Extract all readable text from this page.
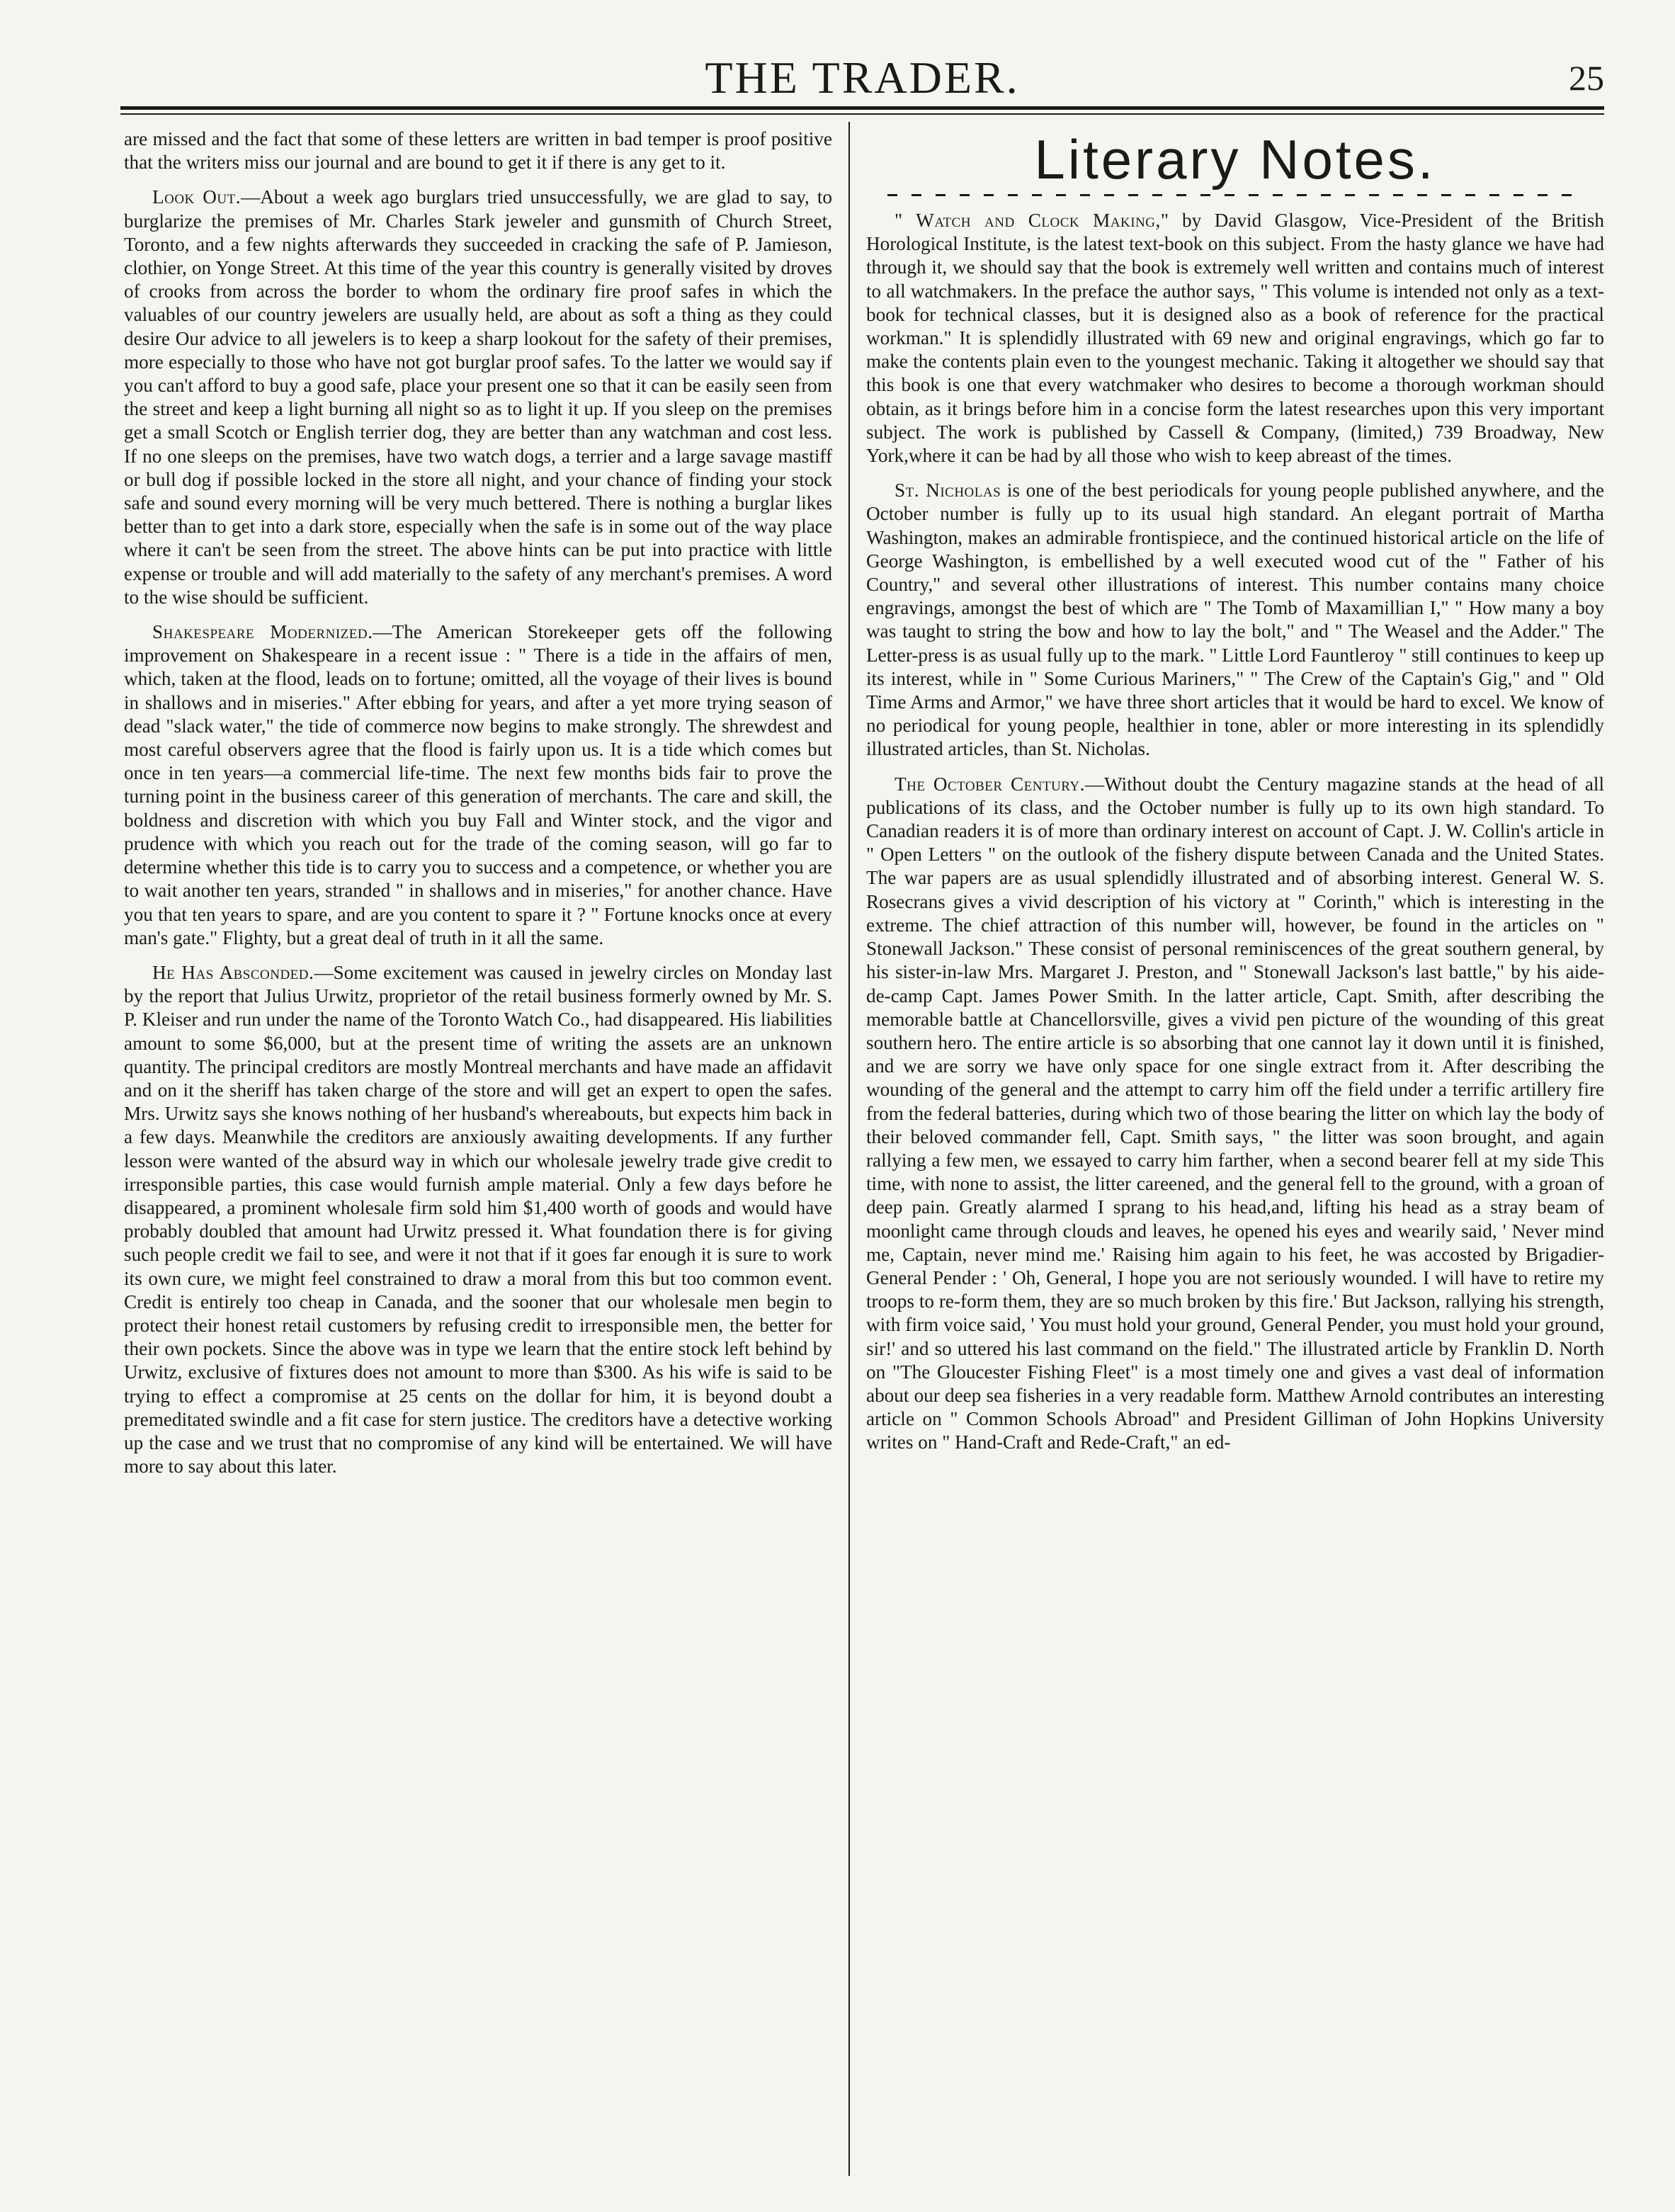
THE TRADER.	25

are missed and the fact that some of these letters are written in bad temper is proof positive that the writers miss our journal and are bound to get it if there is any get to it.

Look Out.—About a week ago burglars tried unsuccessfully, we are glad to say, to burglarize the premises of Mr. Charles Stark jeweler and gunsmith of Church Street, Toronto, and a few nights afterwards they succeeded in cracking the safe of P. Jamieson, clothier, on Yonge Street. At this time of the year this country is generally visited by droves of crooks from across the border to whom the ordinary fire proof safes in which the valuables of our country jewelers are usually held, are about as soft a thing as they could desire Our advice to all jewelers is to keep a sharp lookout for the safety of their premises, more especially to those who have not got burglar proof safes. To the latter we would say if you can't afford to buy a good safe, place your present one so that it can be easily seen from the street and keep a light burning all night so as to light it up. If you sleep on the premises get a small Scotch or English terrier dog, they are better than any watchman and cost less. If no one sleeps on the premises, have two watch dogs, a terrier and a large savage mastiff or bull dog if possible locked in the store all night, and your chance of finding your stock safe and sound every morning will be very much bettered. There is nothing a burglar likes better than to get into a dark store, especially when the safe is in some out of the way place where it can't be seen from the street. The above hints can be put into practice with little expense or trouble and will add materially to the safety of any merchant's premises. A word to the wise should be sufficient.

Shakespeare Modernized.—The American Storekeeper gets off the following improvement on Shakespeare in a recent issue : " There is a tide in the affairs of men, which, taken at the flood, leads on to fortune; omitted, all the voyage of their lives is bound in shallows and in miseries." After ebbing for years, and after a yet more trying season of dead "slack water," the tide of commerce now begins to make strongly. The shrewdest and most careful observers agree that the flood is fairly upon us. It is a tide which comes but once in ten years—a commercial life-time. The next few months bids fair to prove the turning point in the business career of this generation of merchants. The care and skill, the boldness and discretion with which you buy Fall and Winter stock, and the vigor and prudence with which you reach out for the trade of the coming season, will go far to determine whether this tide is to carry you to success and a competence, or whether you are to wait another ten years, stranded " in shallows and in miseries," for another chance. Have you that ten years to spare, and are you content to spare it ? " Fortune knocks once at every man's gate." Flighty, but a great deal of truth in it all the same.

He Has Absconded.—Some excitement was caused in jewelry circles on Monday last by the report that Julius Urwitz, proprietor of the retail business formerly owned by Mr. S. P. Kleiser and run under the name of the Toronto Watch Co., had disappeared. His liabilities amount to some $6,000, but at the present time of writing the assets are an unknown quantity. The principal creditors are mostly Montreal merchants and have made an affidavit and on it the sheriff has taken charge of the store and will get an expert to open the safes. Mrs. Urwitz says she knows nothing of her husband's whereabouts, but expects him back in a few days. Meanwhile the creditors are anxiously awaiting developments. If any further lesson were wanted of the absurd way in which our wholesale jewelry trade give credit to irresponsible parties, this case would furnish ample material. Only a few days before he disappeared, a prominent wholesale firm sold him $1,400 worth of goods and would have probably doubled that amount had Urwitz pressed it. What foundation there is for giving such people credit we fail to see, and were it not that if it goes far enough it is sure to work its own cure, we might feel constrained to draw a moral from this but too common event. Credit is entirely too cheap in Canada, and the sooner that our wholesale men begin to protect their honest retail customers by refusing credit to irresponsible men, the better for their own pockets. Since the above was in type we learn that the entire stock left behind by Urwitz, exclusive of fixtures does not amount to more than $300. As his wife is said to be trying to effect a compromise at 25 cents on the dollar for him, it is beyond doubt a premeditated swindle and a fit case for stern justice. The creditors have a detective working up the case and we trust that no compromise of any kind will be entertained. We will have more to say about this later.

Literary Notes.

" Watch and Clock Making," by David Glasgow, Vice-President of the British Horological Institute, is the latest text-book on this subject. From the hasty glance we have had through it, we should say that the book is extremely well written and contains much of interest to all watchmakers. In the preface the author says, " This volume is intended not only as a text-book for technical classes, but it is designed also as a book of reference for the practical workman." It is splendidly illustrated with 69 new and original engravings, which go far to make the contents plain even to the youngest mechanic. Taking it altogether we should say that this book is one that every watchmaker who desires to become a thorough workman should obtain, as it brings before him in a concise form the latest researches upon this very important subject. The work is published by Cassell & Company, (limited,) 739 Broadway, New York,where it can be had by all those who wish to keep abreast of the times.

St. Nicholas is one of the best periodicals for young people published anywhere, and the October number is fully up to its usual high standard. An elegant portrait of Martha Washington, makes an admirable frontispiece, and the continued historical article on the life of George Washington, is embellished by a well executed wood cut of the " Father of his Country," and several other illustrations of interest. This number contains many choice engravings, amongst the best of which are " The Tomb of Maxamillian I," " How many a boy was taught to string the bow and how to lay the bolt," and " The Weasel and the Adder." The Letter-press is as usual fully up to the mark. " Little Lord Fauntleroy " still continues to keep up its interest, while in " Some Curious Mariners," " The Crew of the Captain's Gig," and " Old Time Arms and Armor," we have three short articles that it would be hard to excel. We know of no periodical for young people, healthier in tone, abler or more interesting in its splendidly illustrated articles, than St. Nicholas.

The October Century.—Without doubt the Century magazine stands at the head of all publications of its class, and the October number is fully up to its own high standard. To Canadian readers it is of more than ordinary interest on account of Capt. J. W. Collin's article in " Open Letters " on the outlook of the fishery dispute between Canada and the United States. The war papers are as usual splendidly illustrated and of absorbing interest. General W. S. Rosecrans gives a vivid description of his victory at " Corinth," which is interesting in the extreme. The chief attraction of this number will, however, be found in the articles on " Stonewall Jackson." These consist of personal reminiscences of the great southern general, by his sister-in-law Mrs. Margaret J. Preston, and " Stonewall Jackson's last battle," by his aide-de-camp Capt. James Power Smith. In the latter article, Capt. Smith, after describing the memorable battle at Chancellorsville, gives a vivid pen picture of the wounding of this great southern hero. The entire article is so absorbing that one cannot lay it down until it is finished, and we are sorry we have only space for one single extract from it. After describing the wounding of the general and the attempt to carry him off the field under a terrific artillery fire from the federal batteries, during which two of those bearing the litter on which lay the body of their beloved commander fell, Capt. Smith says, " the litter was soon brought, and again rallying a few men, we essayed to carry him farther, when a second bearer fell at my side This time, with none to assist, the litter careened, and the general fell to the ground, with a groan of deep pain. Greatly alarmed I sprang to his head,and, lifting his head as a stray beam of moonlight came through clouds and leaves, he opened his eyes and wearily said, ' Never mind me, Captain, never mind me.' Raising him again to his feet, he was accosted by Brigadier-General Pender : ' Oh, General, I hope you are not seriously wounded. I will have to retire my troops to re-form them, they are so much broken by this fire.' But Jackson, rallying his strength, with firm voice said, ' You must hold your ground, General Pender, you must hold your ground, sir!' and so uttered his last command on the field." The illustrated article by Franklin D. North on "The Gloucester Fishing Fleet" is a most timely one and gives a vast deal of information about our deep sea fisheries in a very readable form. Matthew Arnold contributes an interesting article on " Common Schools Abroad" and President Gilliman of John Hopkins University writes on " Hand-Craft and Rede-Craft," an ed-
